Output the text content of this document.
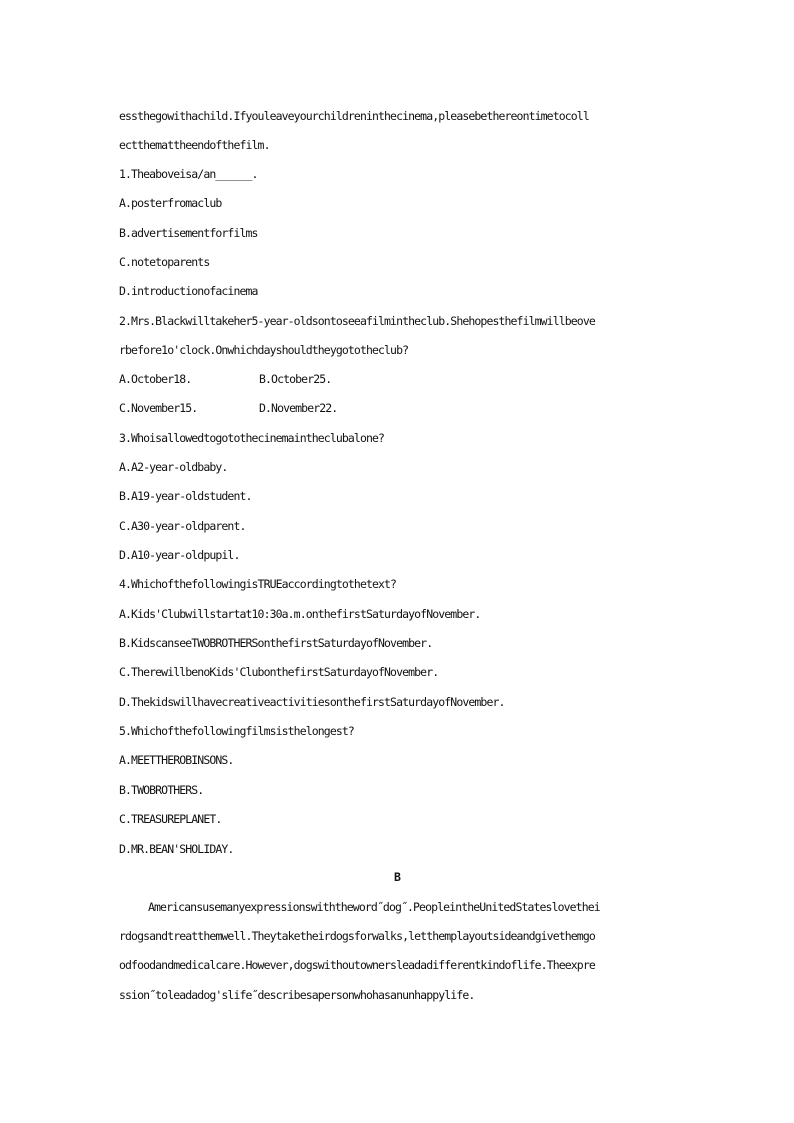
essthegowithachild.Ifyouleaveyourchildreninthecinema,pleasebethereontimetocoll
ectthemattheendofthefilm.
1.Theaboveisa/an______.
A.posterfromaclub
B.advertisementforfilms
C.notetoparents
D.introductionofacinema
2.Mrs.Blackwilltakeher5-year-oldsontoseeafilmintheclub.Shehopesthefilmwillbeove
rbefore1o'clock.Onwhichdayshouldtheygototheclub?
A.October18.	B.October25.
C.November15.	D.November22.
3.Whoisallowedtogotothecinemaintheclubalone?
A.A2-year-oldbaby.
B.A19-year-oldstudent.
C.A30-year-oldparent.
D.A10-year-oldpupil.
4.WhichofthefollowingisTRUEaccordingtothetext?
A.Kids'Clubwillstartat10:30a.m.onthefirstSaturdayofNovember.
B.KidscanseeTWOBROTHERSonthefirstSaturdayofNovember.
C.TherewillbenoKids'ClubonthefirstSaturdayofNovember.
D.ThekidswillhavecreativeactivitiesonthefirstSaturdayofNovember.
5.Whichofthefollowingfilmsisthelongest?
A.MEETTHEROBINSONS.
B.TWOBROTHERS.
C.TREASUREPLANET.
D.MR.BEAN'SHOLIDAY.
B
Americansusemanyexpressionswiththeword˝dog˝.PeopleintheUnitedStateslovethei
rdogsandtreatthemwell.Theytaketheirdogsforwalks,letthemplayoutsideandgivethemgo
odfoodandmedicalcare.However,dogswithoutownersleadadifferentkindoflife.Theexpre
ssion˝toleadadog'slife˝describesapersonwhohasanunhappylife.
